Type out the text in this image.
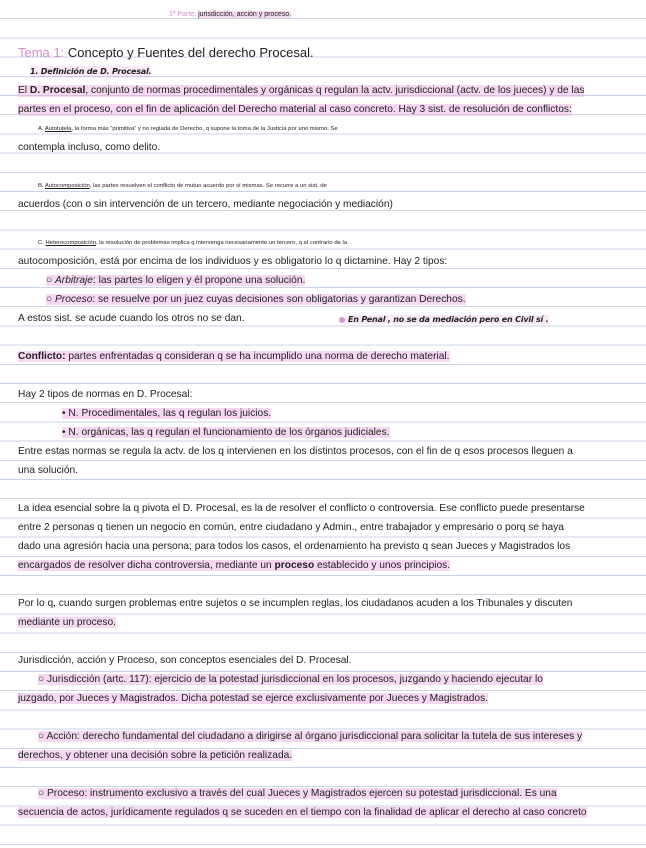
1ª Parte: jurisdicción, acción y proceso.
Tema 1: Concepto y Fuentes del derecho Procesal.
1. Definición de D. Procesal.
El D. Procesal, conjunto de normas procedimentales y orgánicas q regulan la actv. jurisdiccional (actv. de los jueces) y de las
partes en el proceso, con el fin de aplicación del Derecho material al caso concreto. Hay 3 sist. de resolución de conflictos:
A. Autotutela, la forma más “primitiva” y no reglada de Derecho, q supone la toma de la Justicia por uno mismo. Se
contempla incluso, como delito.
B. Autocomposición, las partes resuelven el conflicto de mutuo acuerdo por sí mismas. Se recurre a un sist. de
acuerdos (con o sin intervención de un tercero, mediante negociación y mediación)
C. Heterocomposición, la resolución de problemas implica q intervenga necesariamente un tercero, q al contrario de la
autocomposición, está por encima de los individuos y es obligatorio lo q dictamine. Hay 2 tipos:
○ Arbitraje: las partes lo eligen y él propone una solución.
○ Proceso: se resuelve por un juez cuyas decisiones son obligatorias y garantizan Derechos.
A estos sist. se acude cuando los otros no se dan.	En Penal , no se da mediación pero en Civil sí .
Conflicto: partes enfrentadas q consideran q se ha incumplido una norma de derecho material.
Hay 2 tipos de normas en D. Procesal:
• N. Procedimentales, las q regulan los juicios.
• N. orgánicas, las q regulan el funcionamiento de los órganos judiciales.
Entre estas normas se regula la actv. de los q intervienen en los distintos procesos, con el fin de q esos procesos lleguen a
una solución.
La idea esencial sobre la q pivota el D. Procesal, es la de resolver el conflicto o controversia. Ese conflicto puede presentarse
entre 2 personas q tienen un negocio en común, entre ciudadano y Admin., entre trabajador y empresario o porq se haya
dado una agresión hacia una persona; para todos los casos, el ordenamiento ha previsto q sean Jueces y Magistrados los
encargados de resolver dicha controversia, mediante un proceso establecido y unos principios.
Por lo q, cuando surgen problemas entre sujetos o se incumplen reglas, los ciudadanos acuden a los Tribunales y discuten
mediante un proceso.
Jurisdicción, acción y Proceso, son conceptos esenciales del D. Procesal.
○ Jurisdicción (artc. 117): ejercicio de la potestad jurisdiccional en los procesos, juzgando y haciendo ejecutar lo
juzgado, por Jueces y Magistrados. Dicha potestad se ejerce exclusivamente por Jueces y Magistrados.
○ Acción: derecho fundamental del ciudadano a dirigirse al órgano jurisdiccional para solicitar la tutela de sus intereses y
derechos, y obtener una decisión sobre la petición realizada.
○ Proceso: instrumento exclusivo a través del cual Jueces y Magistrados ejercen su potestad jurisdiccional. Es una
secuencia de actos, jurídicamente regulados q se suceden en el tiempo con la finalidad de aplicar el derecho al caso concreto
